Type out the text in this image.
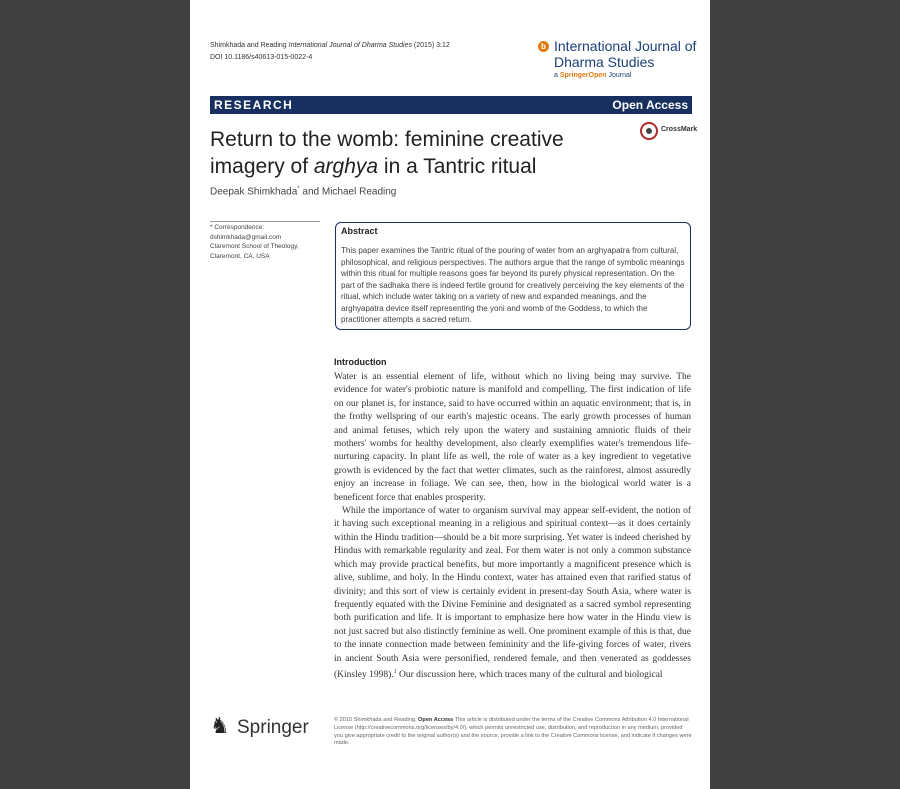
Shimkhada and Reading International Journal of Dharma Studies (2015) 3:12
DOI 10.1186/s40613-015-0022-4
b International Journal of Dharma Studies
a SpringerOpen Journal
RESEARCH	Open Access
Return to the womb: feminine creative imagery of arghya in a Tantric ritual
CrossMark
Deepak Shimkhada* and Michael Reading
* Correspondence:
dshimkhada@gmail.com
Claremont School of Theology,
Claremont, CA, USA
Abstract
This paper examines the Tantric ritual of the pouring of water from an arghyapatra from cultural, philosophical, and religious perspectives. The authors argue that the range of symbolic meanings within this ritual for multiple reasons goes far beyond its purely physical representation. On the part of the sadhaka there is indeed fertile ground for creatively perceiving the key elements of the ritual, which include water taking on a variety of new and expanded meanings, and the arghyapatra device itself representing the yoni and womb of the Goddess, to which the practitioner attempts a sacred return.
Introduction

Water is an essential element of life, without which no living being may survive. The evidence for water's probiotic nature is manifold and compelling. The first indication of life on our planet is, for instance, said to have occurred within an aquatic environment; that is, in the frothy wellspring of our earth's majestic oceans. The early growth processes of human and animal fetuses, which rely upon the watery and sustaining amniotic fluids of their mothers' wombs for healthy development, also clearly exemplifies water's tremendous life-nurturing capacity. In plant life as well, the role of water as a key ingredient to vegetative growth is evidenced by the fact that wetter climates, such as the rainforest, almost assuredly enjoy an increase in foliage. We can see, then, how in the biological world water is a beneficent force that enables prosperity.

While the importance of water to organism survival may appear self-evident, the notion of it having such exceptional meaning in a religious and spiritual context—as it does certainly within the Hindu tradition—should be a bit more surprising. Yet water is indeed cherished by Hindus with remarkable regularity and zeal. For them water is not only a common substance which may provide practical benefits, but more importantly a magnificent presence which is alive, sublime, and holy. In the Hindu context, water has attained even that rarified status of divinity; and this sort of view is certainly evident in present-day South Asia, where water is frequently equated with the Divine Feminine and designated as a sacred symbol representing both purification and life. It is important to emphasize here how water in the Hindu view is not just sacred but also distinctly feminine as well. One prominent example of this is that, due to the innate connection made between femininity and the life-giving forces of water, rivers in ancient South Asia were personified, rendered female, and then venerated as goddesses (Kinsley 1998).$^1$ Our discussion here, which traces many of the cultural and biological

♞ Springer	© 2015 Shimkhada and Reading. Open Access This article is distributed under the terms of the Creative Commons Attribution 4.0 International License (http://creativecommons.org/licenses/by/4.0/), which permits unrestricted use, distribution, and reproduction in any medium, provided you give appropriate credit to the original author(s) and the source, provide a link to the Creative Commons license, and indicate if changes were made.
